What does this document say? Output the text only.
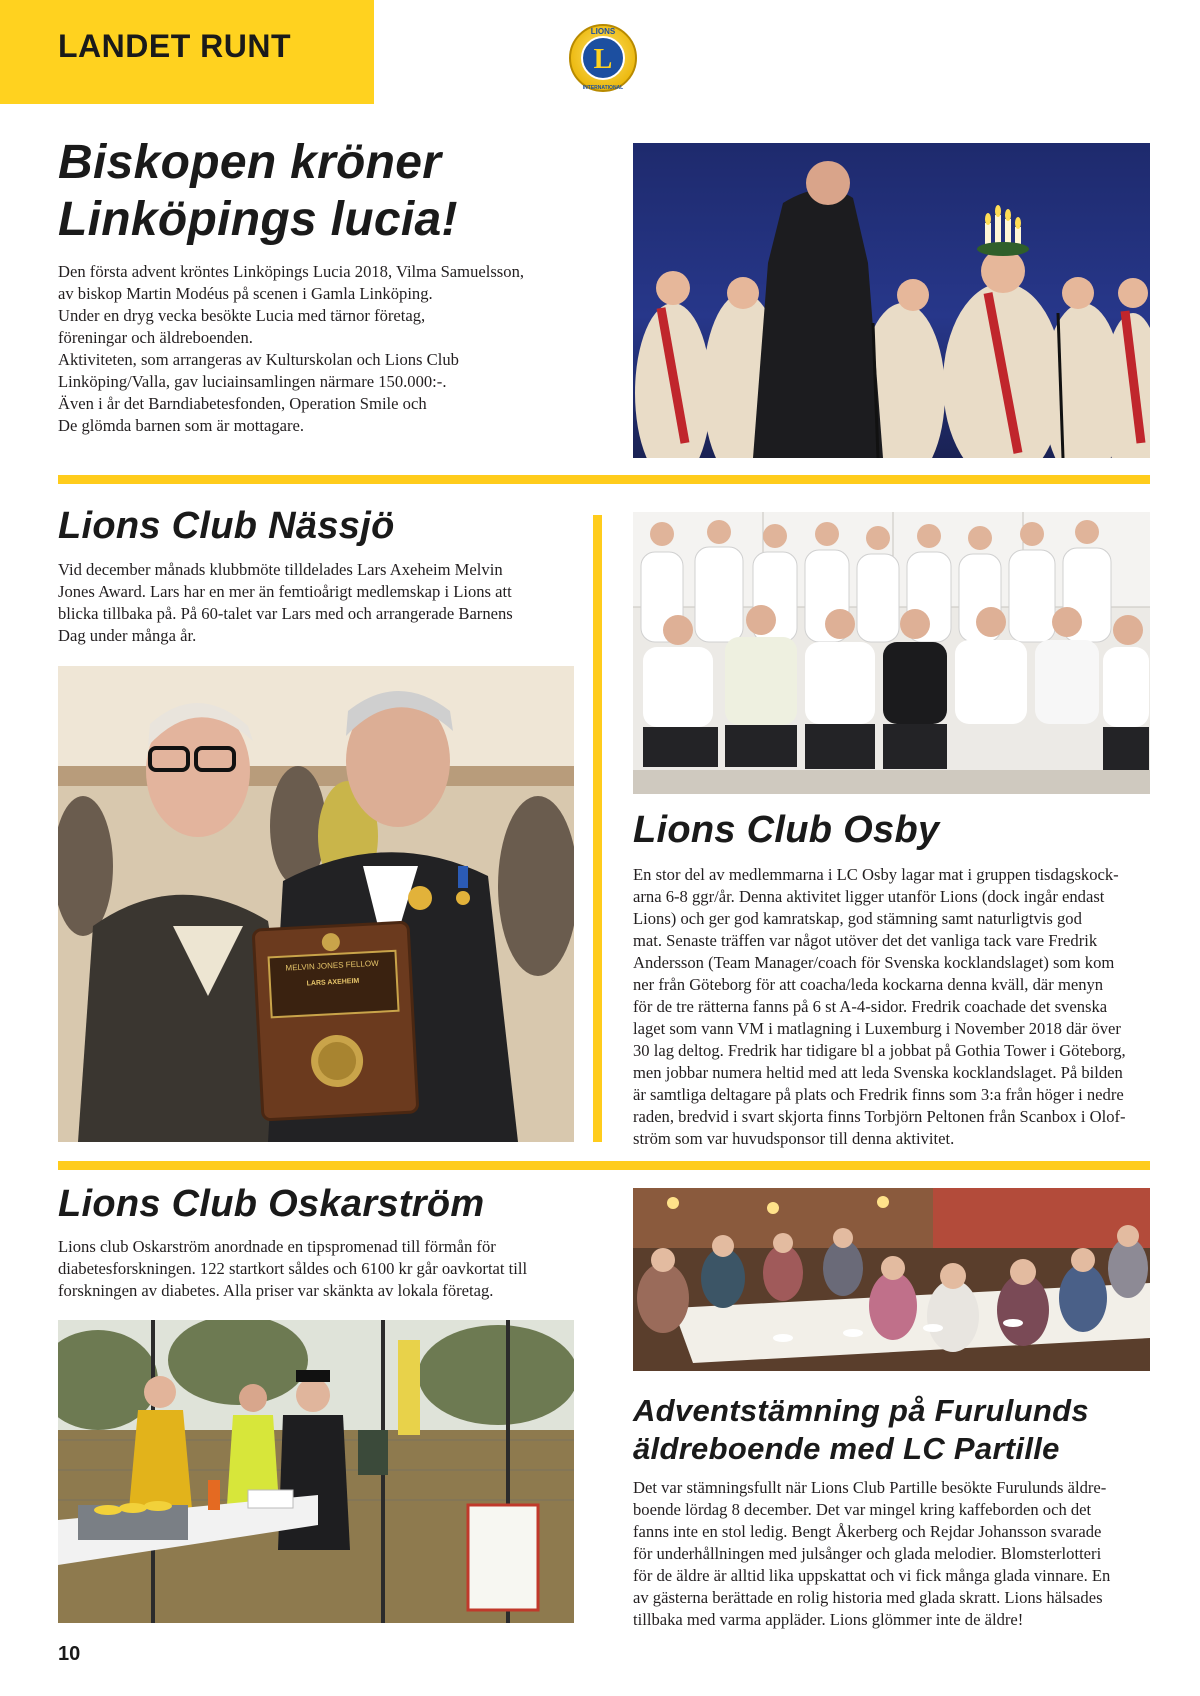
LANDET RUNT	L
LIONS
INTERNATIONAL
Biskopen kröner
Linköpings lucia!

Den första advent kröntes Linköpings Lucia 2018, Vilma Samuelsson,
av biskop Martin Modéus på scenen i Gamla Linköping.
Under en dryg vecka besökte Lucia med tärnor företag,
föreningar och äldreboenden.
Aktiviteten, som arrangeras av Kulturskolan och Lions Club
Linköping/Valla, gav luciainsamlingen närmare 150.000:-.
Även i år det Barndiabetesfonden, Operation Smile och
De glömda barnen som är mottagare.

Lions Club Nässjö

Vid december månads klubbmöte tilldelades Lars Axeheim Melvin
Jones Award. Lars har en mer än femtioårigt medlemskap i Lions att
blicka tillbaka på. På 60-talet var Lars med och arrangerade Barnens
Dag under många år.

MELVIN JONES FELLOW
LARS AXEHEIM
Lions Club Osby

En stor del av medlemmarna i LC Osby lagar mat i gruppen tisdagskock-
arna 6-8 ggr/år. Denna aktivitet ligger utanför Lions (dock ingår endast
Lions) och ger god kamratskap, god stämning samt naturligtvis god
mat. Senaste träffen var något utöver det det vanliga tack vare Fredrik
Andersson (Team Manager/coach för Svenska kocklandslaget) som kom
ner från Göteborg för att coacha/leda kockarna denna kväll, där menyn
för de tre rätterna fanns på 6 st A-4-sidor. Fredrik coachade det svenska
laget som vann VM i matlagning i Luxemburg i November 2018 där över
30 lag deltog. Fredrik har tidigare bl a jobbat på Gothia Tower i Göteborg,
men jobbar numera heltid med att leda Svenska kocklandslaget. På bilden
är samtliga deltagare på plats och Fredrik finns som 3:a från höger i nedre
raden, bredvid i svart skjorta finns Torbjörn Peltonen från Scanbox i Olof-
ström som var huvudsponsor till denna aktivitet.

Lions Club Oskarström

Lions club Oskarström anordnade en tipspromenad till förmån för
diabetesforskningen. 122 startkort såldes och 6100 kr går oavkortat till
forskningen av diabetes. Alla priser var skänkta av lokala företag.

Adventstämning på Furulunds
äldreboende med LC Partille

Det var stämningsfullt när Lions Club Partille besökte Furulunds äldre-
boende lördag 8 december. Det var mingel kring kaffeborden och det
fanns inte en stol ledig. Bengt Åkerberg och Rejdar Johansson svarade
för underhållningen med julsånger och glada melodier. Blomsterlotteri
för de äldre är alltid lika uppskattat och vi fick många glada vinnare. En
av gästerna berättade en rolig historia med glada skratt. Lions hälsades
tillbaka med varma appläder. Lions glömmer inte de äldre!

10
